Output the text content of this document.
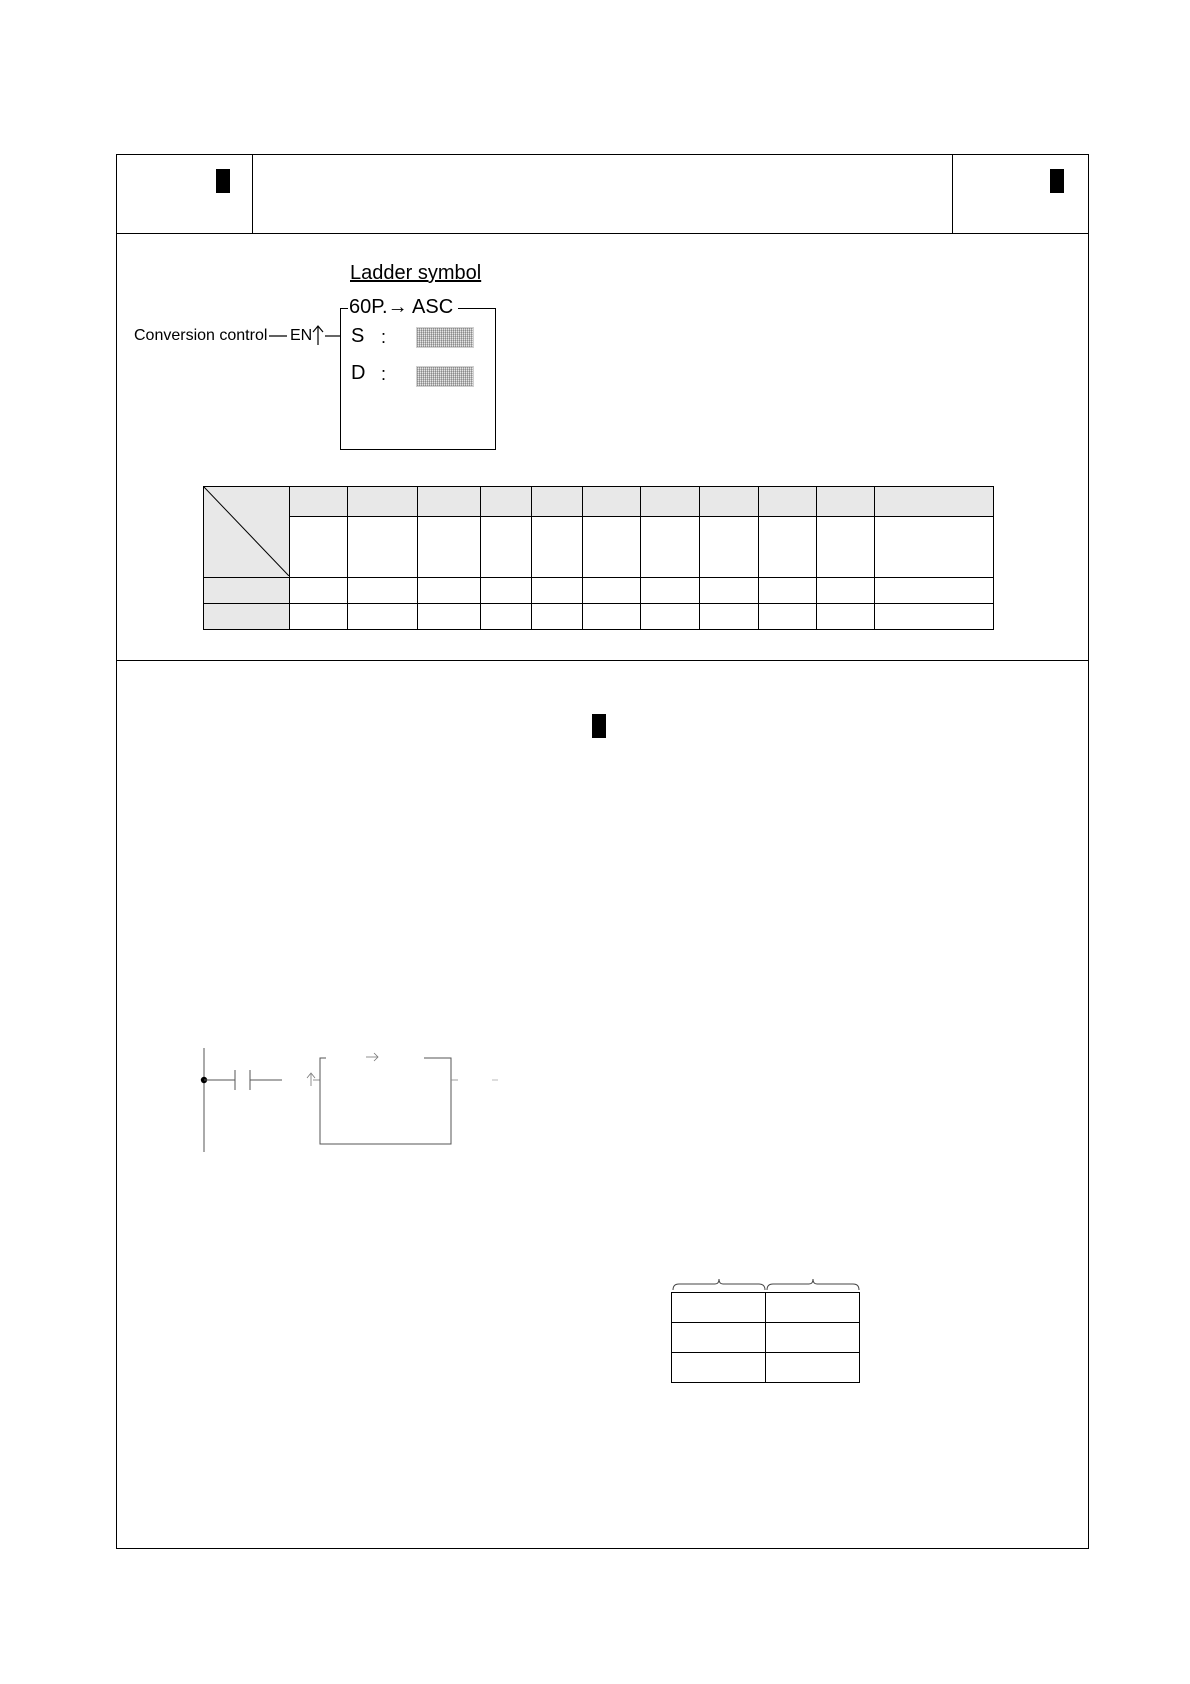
Ladder symbol
60P.→ ASC
S :
D :
Conversion control EN
